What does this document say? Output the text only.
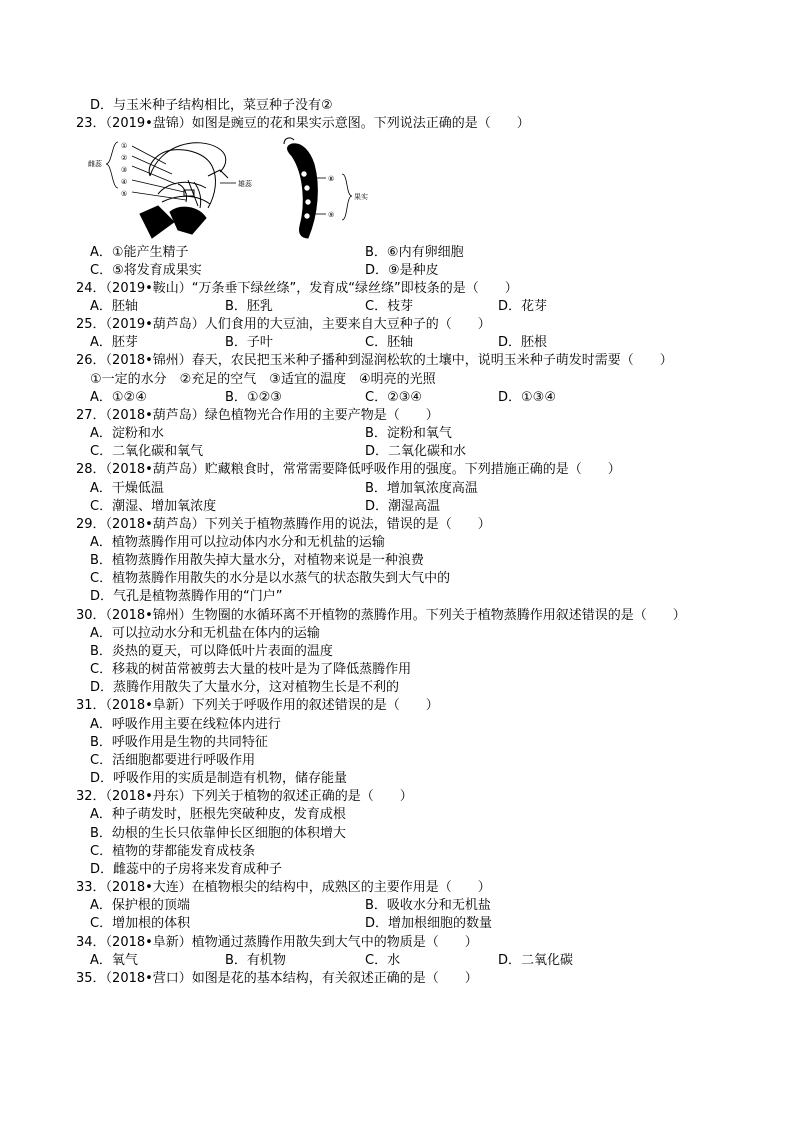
D．与玉米种子结构相比，菜豆种子没有②
23．（2019•盘锦）如图是豌豆的花和果实示意图。下列说法正确的是（　　）
雌蕊
①
②
③
④
⑤
雄蕊
⑧
⑨
果实
A．①能产生精子	B．⑥内有卵细胞
C．⑤将发育成果实	D．⑨是种皮
24．（2019•鞍山）“万条垂下绿丝绦”，发育成“绿丝绦”即枝条的是（　　）
A．胚轴	B．胚乳	C．枝芽	D．花芽
25．（2019•葫芦岛）人们食用的大豆油，主要来自大豆种子的（　　）
A．胚芽	B．子叶	C．胚轴	D．胚根
26．（2018•锦州）春天，农民把玉米种子播种到湿润松软的土壤中，说明玉米种子萌发时需要（　　）
①一定的水分　②充足的空气　③适宜的温度　④明亮的光照
A．①②④	B．①②③	C．②③④	D．①③④
27．（2018•葫芦岛）绿色植物光合作用的主要产物是（　　）
A．淀粉和水	B．淀粉和氧气
C．二氧化碳和氧气	D．二氧化碳和水
28．（2018•葫芦岛）贮藏粮食时，常常需要降低呼吸作用的强度。下列措施正确的是（　　）
A．干燥低温	B．增加氧浓度高温
C．潮湿、增加氧浓度	D．潮湿高温
29．（2018•葫芦岛）下列关于植物蒸腾作用的说法，错误的是（　　）
A．植物蒸腾作用可以拉动体内水分和无机盐的运输
B．植物蒸腾作用散失掉大量水分，对植物来说是一种浪费
C．植物蒸腾作用散失的水分是以水蒸气的状态散失到大气中的
D．气孔是植物蒸腾作用的“门户”
30．（2018•锦州）生物圈的水循环离不开植物的蒸腾作用。下列关于植物蒸腾作用叙述错误的是（　　）
A．可以拉动水分和无机盐在体内的运输
B．炎热的夏天，可以降低叶片表面的温度
C．移栽的树苗常被剪去大量的枝叶是为了降低蒸腾作用
D．蒸腾作用散失了大量水分，这对植物生长是不利的
31．（2018•阜新）下列关于呼吸作用的叙述错误的是（　　）
A．呼吸作用主要在线粒体内进行
B．呼吸作用是生物的共同特征
C．活细胞都要进行呼吸作用
D．呼吸作用的实质是制造有机物，储存能量
32．（2018•丹东）下列关于植物的叙述正确的是（　　）
A．种子萌发时，胚根先突破种皮，发育成根
B．幼根的生长只依靠伸长区细胞的体积增大
C．植物的芽都能发育成枝条
D．雌蕊中的子房将来发育成种子
33．（2018•大连）在植物根尖的结构中，成熟区的主要作用是（　　）
A．保护根的顶端	B．吸收水分和无机盐
C．增加根的体积	D．增加根细胞的数量
34．（2018•阜新）植物通过蒸腾作用散失到大气中的物质是（　　）
A．氧气	B．有机物	C．水	D．二氧化碳
35．（2018•营口）如图是花的基本结构，有关叙述正确的是（　　）
